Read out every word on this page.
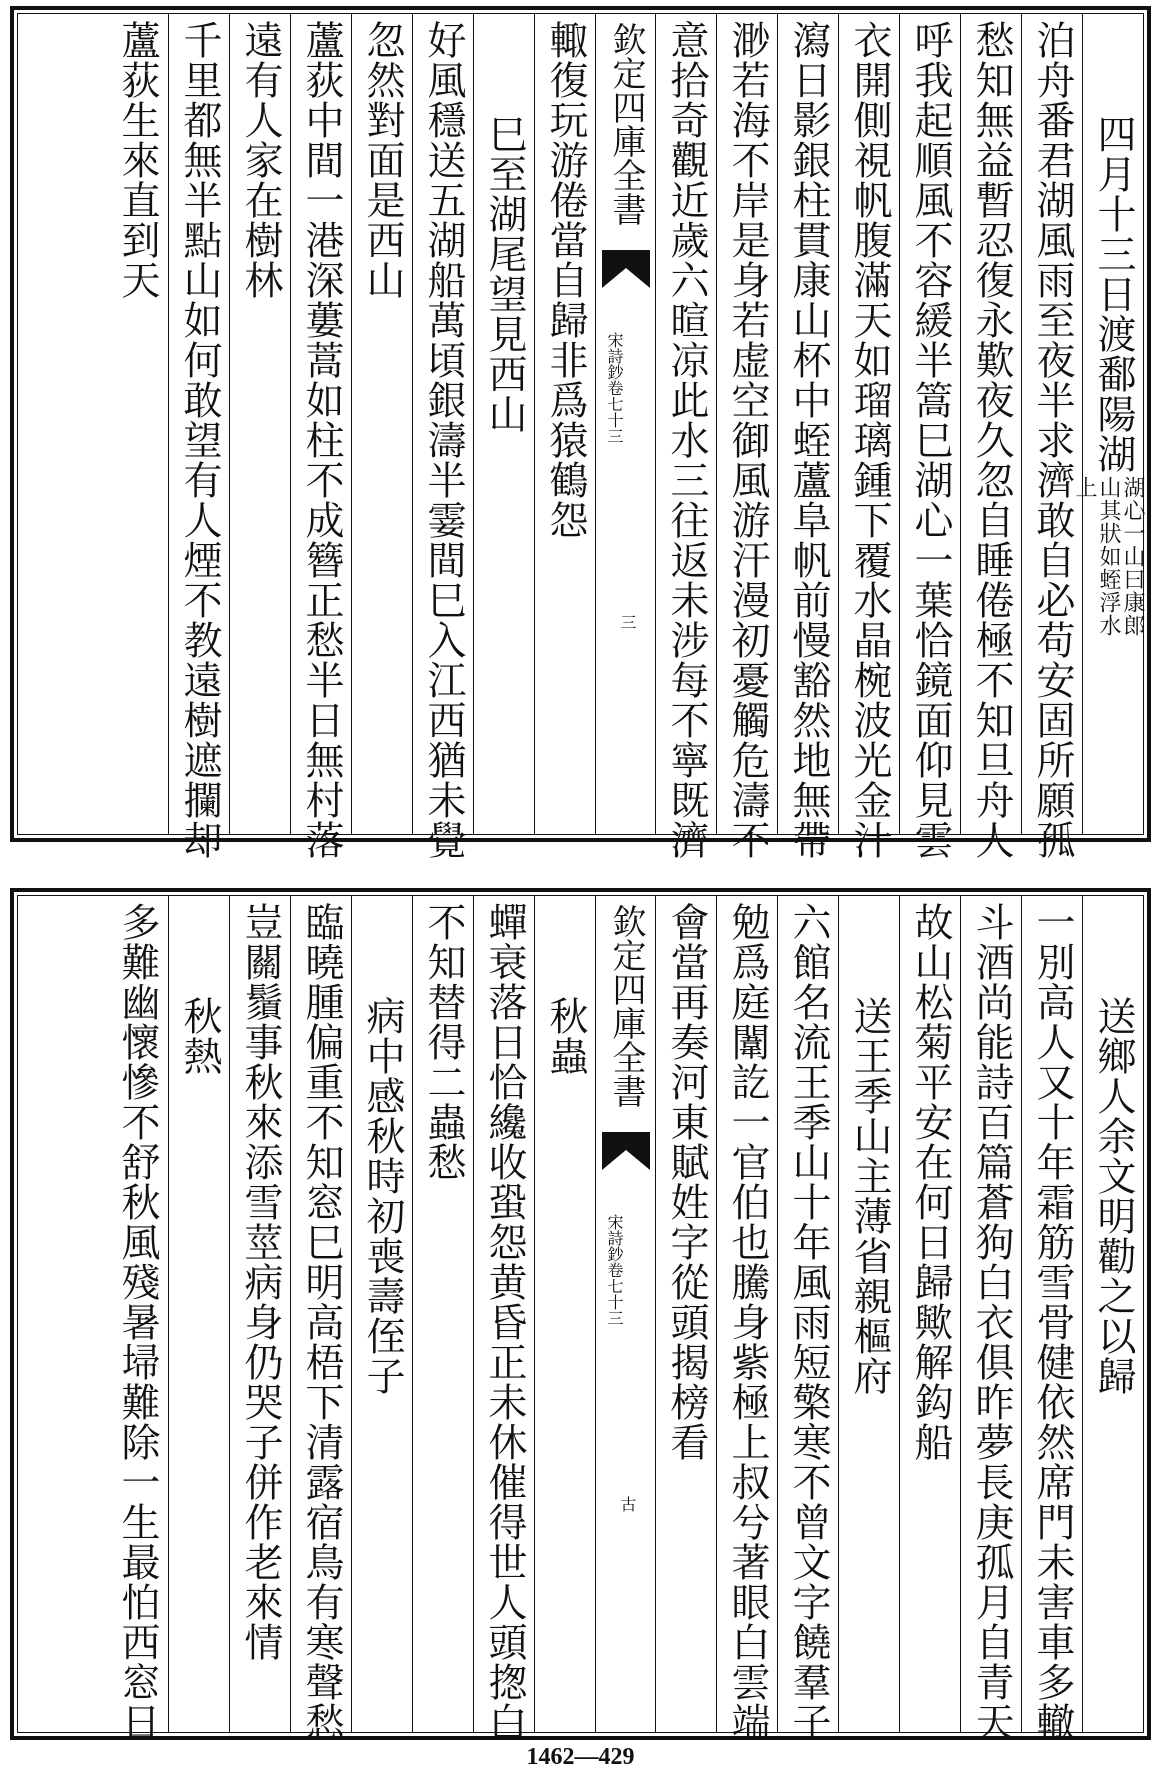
四月十三日渡鄱陽湖湖心一山曰康郎山其狀如蛭浮水上
泊舟番君湖風雨至夜半求濟敢自必苟安固所願孤
愁知無益暫忍復永歎夜久忽自睡倦極不知旦舟人
呼我起順風不容緩半篙巳湖心一葉恰鏡面仰見雲
衣開側視帆腹滿天如瑠璃鍾下覆水晶椀波光金汁
瀉日影銀柱貫康山杯中蛭蘆阜帆前慢豁然地無帶
渺若海不岸是身若虚空御風游汗漫初憂觸危濤不
意拾奇觀近歲六暄凉此水三往返未涉每不寧既濟
欽定四庫全書
宋詩鈔卷七十三
三
輙復玩游倦當自歸非爲猿鶴怨
巳至湖尾望見西山
好風穩送五湖船萬頃銀濤半霎間巳入江西猶未覺
忽然對面是西山
蘆荻中間一港深蔞蒿如柱不成簪正愁半日無村落
遠有人家在樹林
千里都無半點山如何敢望有人煙不教遠樹遮攔却
蘆荻生來直到天
送鄉人余文明勸之以歸
一別高人又十年霜筋雪骨健依然席門未害車多轍
斗酒尚能詩百篇蒼狗白衣俱昨夢長庚孤月自青天
故山松菊平安在何日歸歟解鈎船
送王季山主薄省親樞府
六館名流王季山十年風雨短檠寒不曾文字饒羣子
勉爲庭闈訖一官伯也騰身紫極上叔兮著眼白雲端
會當再奏河東賦姓字從頭揭榜看
欽定四庫全書
宋詩鈔卷七十三
古
秋蟲
蟬衰落日恰纔收蛩怨黄昏正未休催得世人頭揔白
不知替得二蟲愁
病中感秋時初喪壽侄子
臨曉腫偏重不知窓巳明高梧下清露宿鳥有寒聲愁
豈關鬚事秋來添雪莖病身仍哭子併作老來情
秋熱
多難幽懷慘不舒秋風殘暑埽難除一生最怕西窓日
1462—429
